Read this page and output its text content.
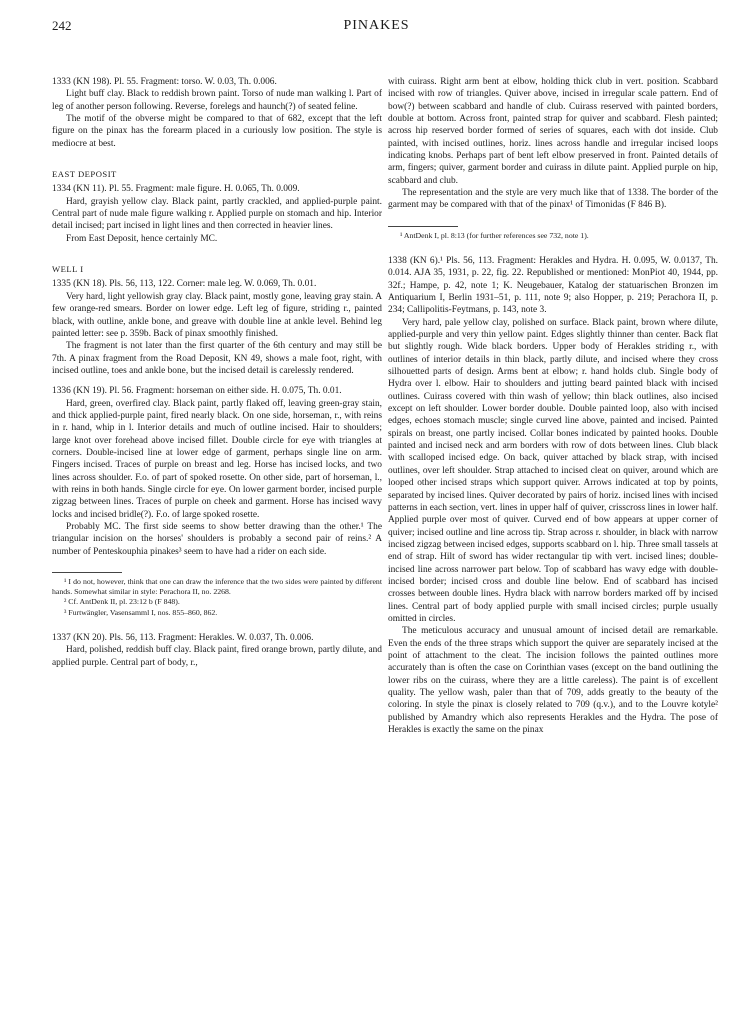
242	PINAKES

1333 (KN 198). Pl. 55. Fragment: torso. W. 0.03, Th. 0.006.

Light buff clay. Black to reddish brown paint. Torso of nude man walking l. Part of leg of another person following. Reverse, forelegs and haunch(?) of seated feline.

The motif of the obverse might be compared to that of 682, except that the left figure on the pinax has the forearm placed in a curiously low position. The style is mediocre at best.

EAST DEPOSIT

1334 (KN 11). Pl. 55. Fragment: male figure. H. 0.065, Th. 0.009.

Hard, grayish yellow clay. Black paint, partly crackled, and applied-purple paint. Central part of nude male figure walking r. Applied purple on stomach and hip. Interior detail incised; part incised in light lines and then corrected in heavier lines.

From East Deposit, hence certainly MC.

WELL I

1335 (KN 18). Pls. 56, 113, 122. Corner: male leg. W. 0.069, Th. 0.01.

Very hard, light yellowish gray clay. Black paint, mostly gone, leaving gray stain. A few orange-red smears. Border on lower edge. Left leg of figure, striding r., painted black, with outline, ankle bone, and greave with double line at ankle level. Behind leg painted letter: see p. 359b. Back of pinax smoothly finished.

The fragment is not later than the first quarter of the 6th century and may still be 7th. A pinax fragment from the Road Deposit, KN 49, shows a male foot, right, with incised outline, toes and ankle bone, but the incised detail is carelessly rendered.

1336 (KN 19). Pl. 56. Fragment: horseman on either side. H. 0.075, Th. 0.01.

Hard, green, overfired clay. Black paint, partly flaked off, leaving green-gray stain, and thick applied-purple paint, fired nearly black. On one side, horseman, r., with reins in r. hand, whip in l. Interior details and much of outline incised. Hair to shoulders; large knot over forehead above incised fillet. Double circle for eye with triangles at corners. Double-incised line at lower edge of garment, perhaps single line on arm. Fingers incised. Traces of purple on breast and leg. Horse has incised locks, and two lines across shoulder. F.o. of part of spoked rosette. On other side, part of horseman, l., with reins in both hands. Single circle for eye. On lower garment border, incised purple zigzag between lines. Traces of purple on cheek and garment. Horse has incised wavy locks and incised bridle(?). F.o. of large spoked rosette.

Probably MC. The first side seems to show better drawing than the other.¹ The triangular incision on the horses' shoulders is probably a second pair of reins.² A number of Penteskouphia pinakes³ seem to have had a rider on each side.

¹ I do not, however, think that one can draw the inference that the two sides were painted by different hands. Somewhat similar in style: Perachora II, no. 2268.

² Cf. AntDenk II, pl. 23:12 b (F 848).

³ Furtwängler, Vasensamml I, nos. 855–860, 862.

1337 (KN 20). Pls. 56, 113. Fragment: Herakles. W. 0.037, Th. 0.006.

Hard, polished, reddish buff clay. Black paint, fired orange brown, partly dilute, and applied purple. Central part of body, r.,

with cuirass. Right arm bent at elbow, holding thick club in vert. position. Scabbard incised with row of triangles. Quiver above, incised in irregular scale pattern. End of bow(?) between scabbard and handle of club. Cuirass reserved with painted borders, double at bottom. Across front, painted strap for quiver and scabbard. Flesh painted; across hip reserved border formed of series of squares, each with dot inside. Club painted, with incised outlines, horiz. lines across handle and irregular incised loops indicating knobs. Perhaps part of bent left elbow preserved in front. Painted details of arm, fingers; quiver, garment border and cuirass in dilute paint. Applied purple on hip, scabbard and club.

The representation and the style are very much like that of 1338. The border of the garment may be compared with that of the pinax¹ of Timonidas (F 846 B).

¹ AntDenk I, pl. 8:13 (for further references see 732, note 1).

1338 (KN 6).¹ Pls. 56, 113. Fragment: Herakles and Hydra. H. 0.095, W. 0.0137, Th. 0.014. AJA 35, 1931, p. 22, fig. 22. Republished or mentioned: MonPiot 40, 1944, pp. 32f.; Hampe, p. 42, note 1; K. Neugebauer, Katalog der statuarischen Bronzen im Antiquarium I, Berlin 1931–51, p. 111, note 9; also Hopper, p. 219; Perachora II, p. 234; Callipolitis-Feytmans, p. 143, note 3.

Very hard, pale yellow clay, polished on surface. Black paint, brown where dilute, applied-purple and very thin yellow paint. Edges slightly thinner than center. Back flat but slightly rough. Wide black borders. Upper body of Herakles striding r., with outlines of interior details in thin black, partly dilute, and incised where they cross silhouetted parts of design. Arms bent at elbow; r. hand holds club. Single body of Hydra over l. elbow. Hair to shoulders and jutting beard painted black with incised outlines. Cuirass covered with thin wash of yellow; thin black outlines, also incised except on left shoulder. Lower border double. Double painted loop, also with incised edges, echoes stomach muscle; single curved line above, painted and incised. Painted spirals on breast, one partly incised. Collar bones indicated by painted hooks. Double painted and incised neck and arm borders with row of dots between lines. Club black with scalloped incised edge. On back, quiver attached by black strap, with incised outlines, over left shoulder. Strap attached to incised cleat on quiver, around which are looped other incised straps which support quiver. Arrows indicated at top by points, separated by incised lines. Quiver decorated by pairs of horiz. incised lines with incised patterns in each section, vert. lines in upper half of quiver, crisscross lines in lower half. Applied purple over most of quiver. Curved end of bow appears at upper corner of quiver; incised outline and line across tip. Strap across r. shoulder, in black with narrow incised zigzag between incised edges, supports scabbard on l. hip. Three small tassels at end of strap. Hilt of sword has wider rectangular tip with vert. incised lines; double-incised line across narrower part below. Top of scabbard has wavy edge with double-incised border; incised cross and double line below. End of scabbard has incised crosses between double lines. Hydra black with narrow borders marked off by incised lines. Central part of body applied purple with small incised circles; purple usually omitted in circles.

The meticulous accuracy and unusual amount of incised detail are remarkable. Even the ends of the three straps which support the quiver are separately incised at the point of attachment to the cleat. The incision follows the painted outlines more accurately than is often the case on Corinthian vases (except on the band outlining the lower ribs on the cuirass, where they are a little careless). The paint is of excellent quality. The yellow wash, paler than that of 709, adds greatly to the beauty of the coloring. In style the pinax is closely related to 709 (q.v.), and to the Louvre kotyle² published by Amandry which also represents Herakles and the Hydra. The pose of Herakles is exactly the same on the pinax
